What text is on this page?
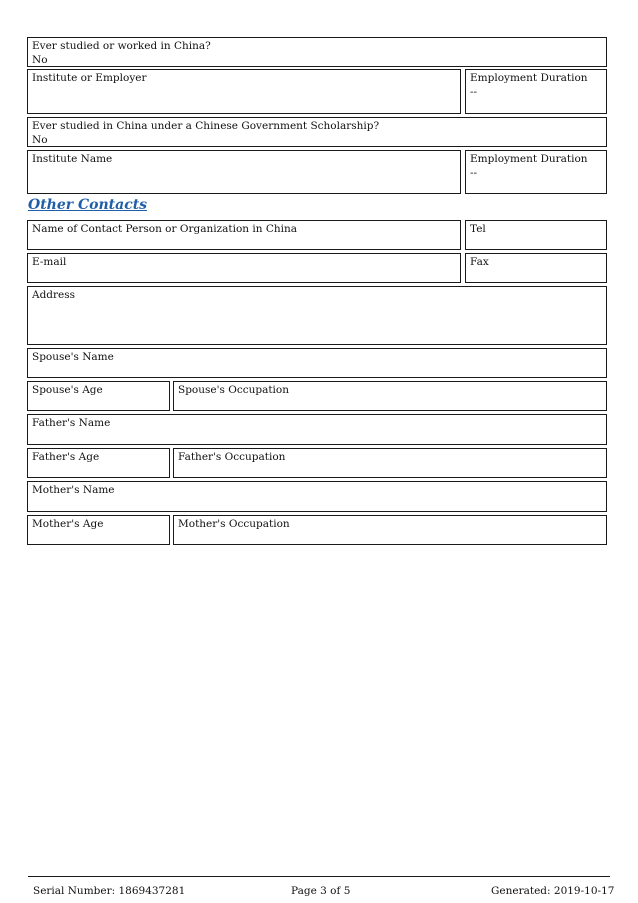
Ever studied or worked in China?
No
Institute or Employer	Employment Duration
--
Ever studied in China under a Chinese Government Scholarship?
No
Institute Name	Employment Duration
--
Other Contacts
Name of Contact Person or Organization in China	Tel
E-mail	Fax
Address
Spouse's Name
Spouse's Age	Spouse's Occupation
Father's Name
Father's Age	Father's Occupation
Mother's Name
Mother's Age	Mother's Occupation
Serial Number: 1869437281	Page 3 of 5	Generated: 2019-10-17
